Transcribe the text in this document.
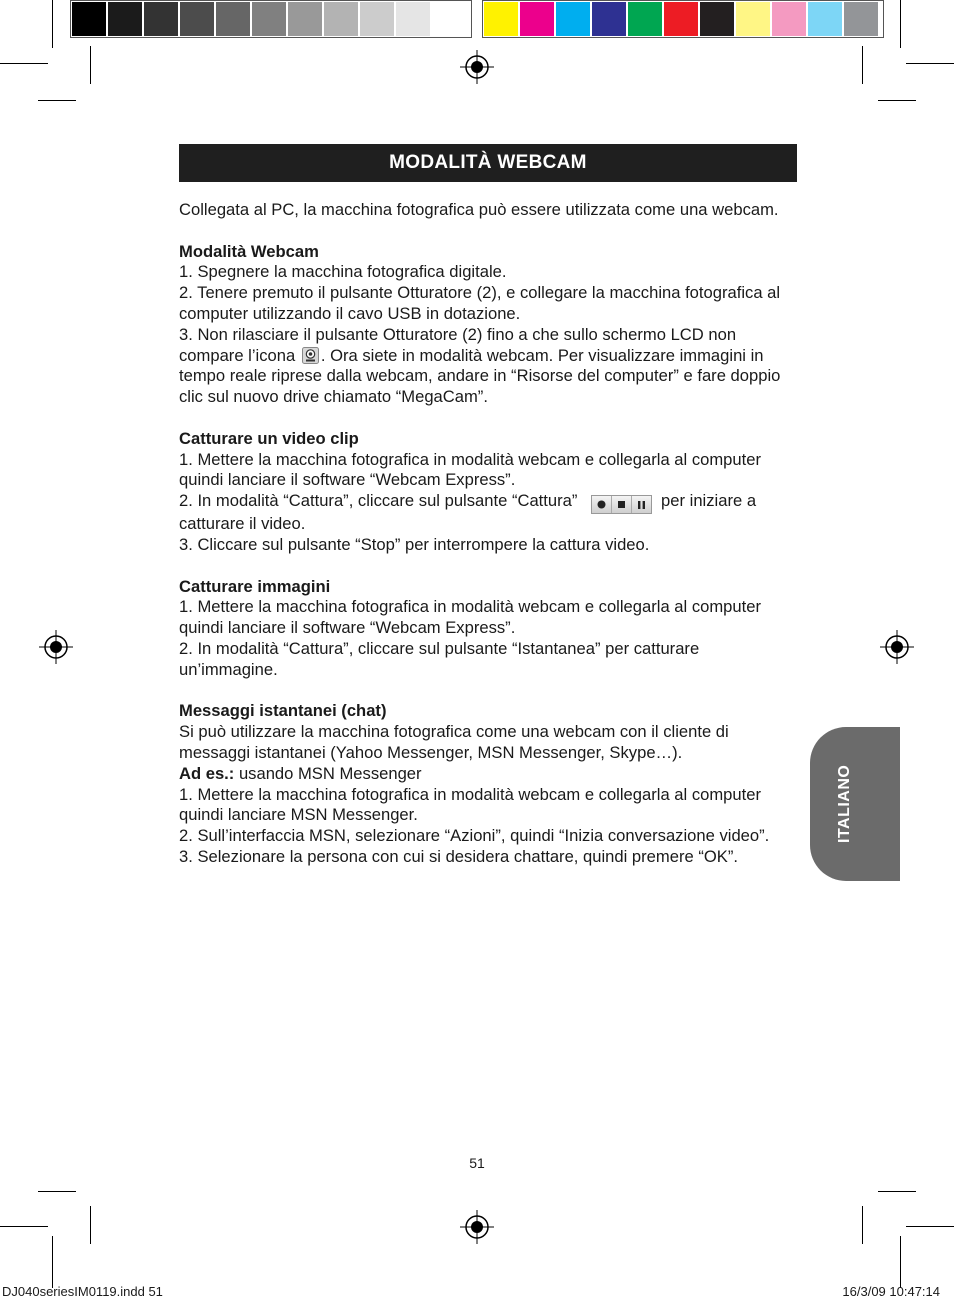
MODALITÀ WEBCAM

Collegata al PC, la macchina fotografica può essere utilizzata come una webcam.

Modalità Webcam

1. Spegnere la macchina fotografica digitale.

2. Tenere premuto il pulsante Otturatore (2), e collegare la macchina fotografica al computer utilizzando il cavo USB in dotazione.

3. Non rilasciare il pulsante Otturatore (2) fino a che sullo schermo LCD non compare l’icona . Ora siete in modalità webcam. Per visualizzare immagini in tempo reale riprese dalla webcam, andare in “Risorse del computer” e fare doppio clic sul nuovo drive chiamato “MegaCam”.

Catturare un video clip

1. Mettere la macchina fotografica in modalità webcam e collegarla al computer quindi lanciare il software “Webcam Express”.

2. In modalità “Cattura”, cliccare sul pulsante “Cattura”	per iniziare a catturare il video.

3. Cliccare sul pulsante “Stop” per interrompere la cattura video.

Catturare immagini

1. Mettere la macchina fotografica in modalità webcam e collegarla al computer quindi lanciare il software “Webcam Express”.

2. In modalità “Cattura”, cliccare sul pulsante “Istantanea” per catturare un’immagine.

Messaggi istantanei (chat)

Si può utilizzare la macchina fotografica come una webcam con il cliente di messaggi istantanei (Yahoo Messenger, MSN Messenger, Skype…).

Ad es.: usando MSN Messenger

1. Mettere la macchina fotografica in modalità webcam e collegarla al computer quindi lanciare MSN Messenger.

2. Sull’interfaccia MSN, selezionare “Azioni”, quindi “Inizia conversazione video”.

3. Selezionare la persona con cui si desidera chattare, quindi premere “OK”.

ITALIANO
51
DJ040seriesIM0119.indd 51	16/3/09 10:47:14
